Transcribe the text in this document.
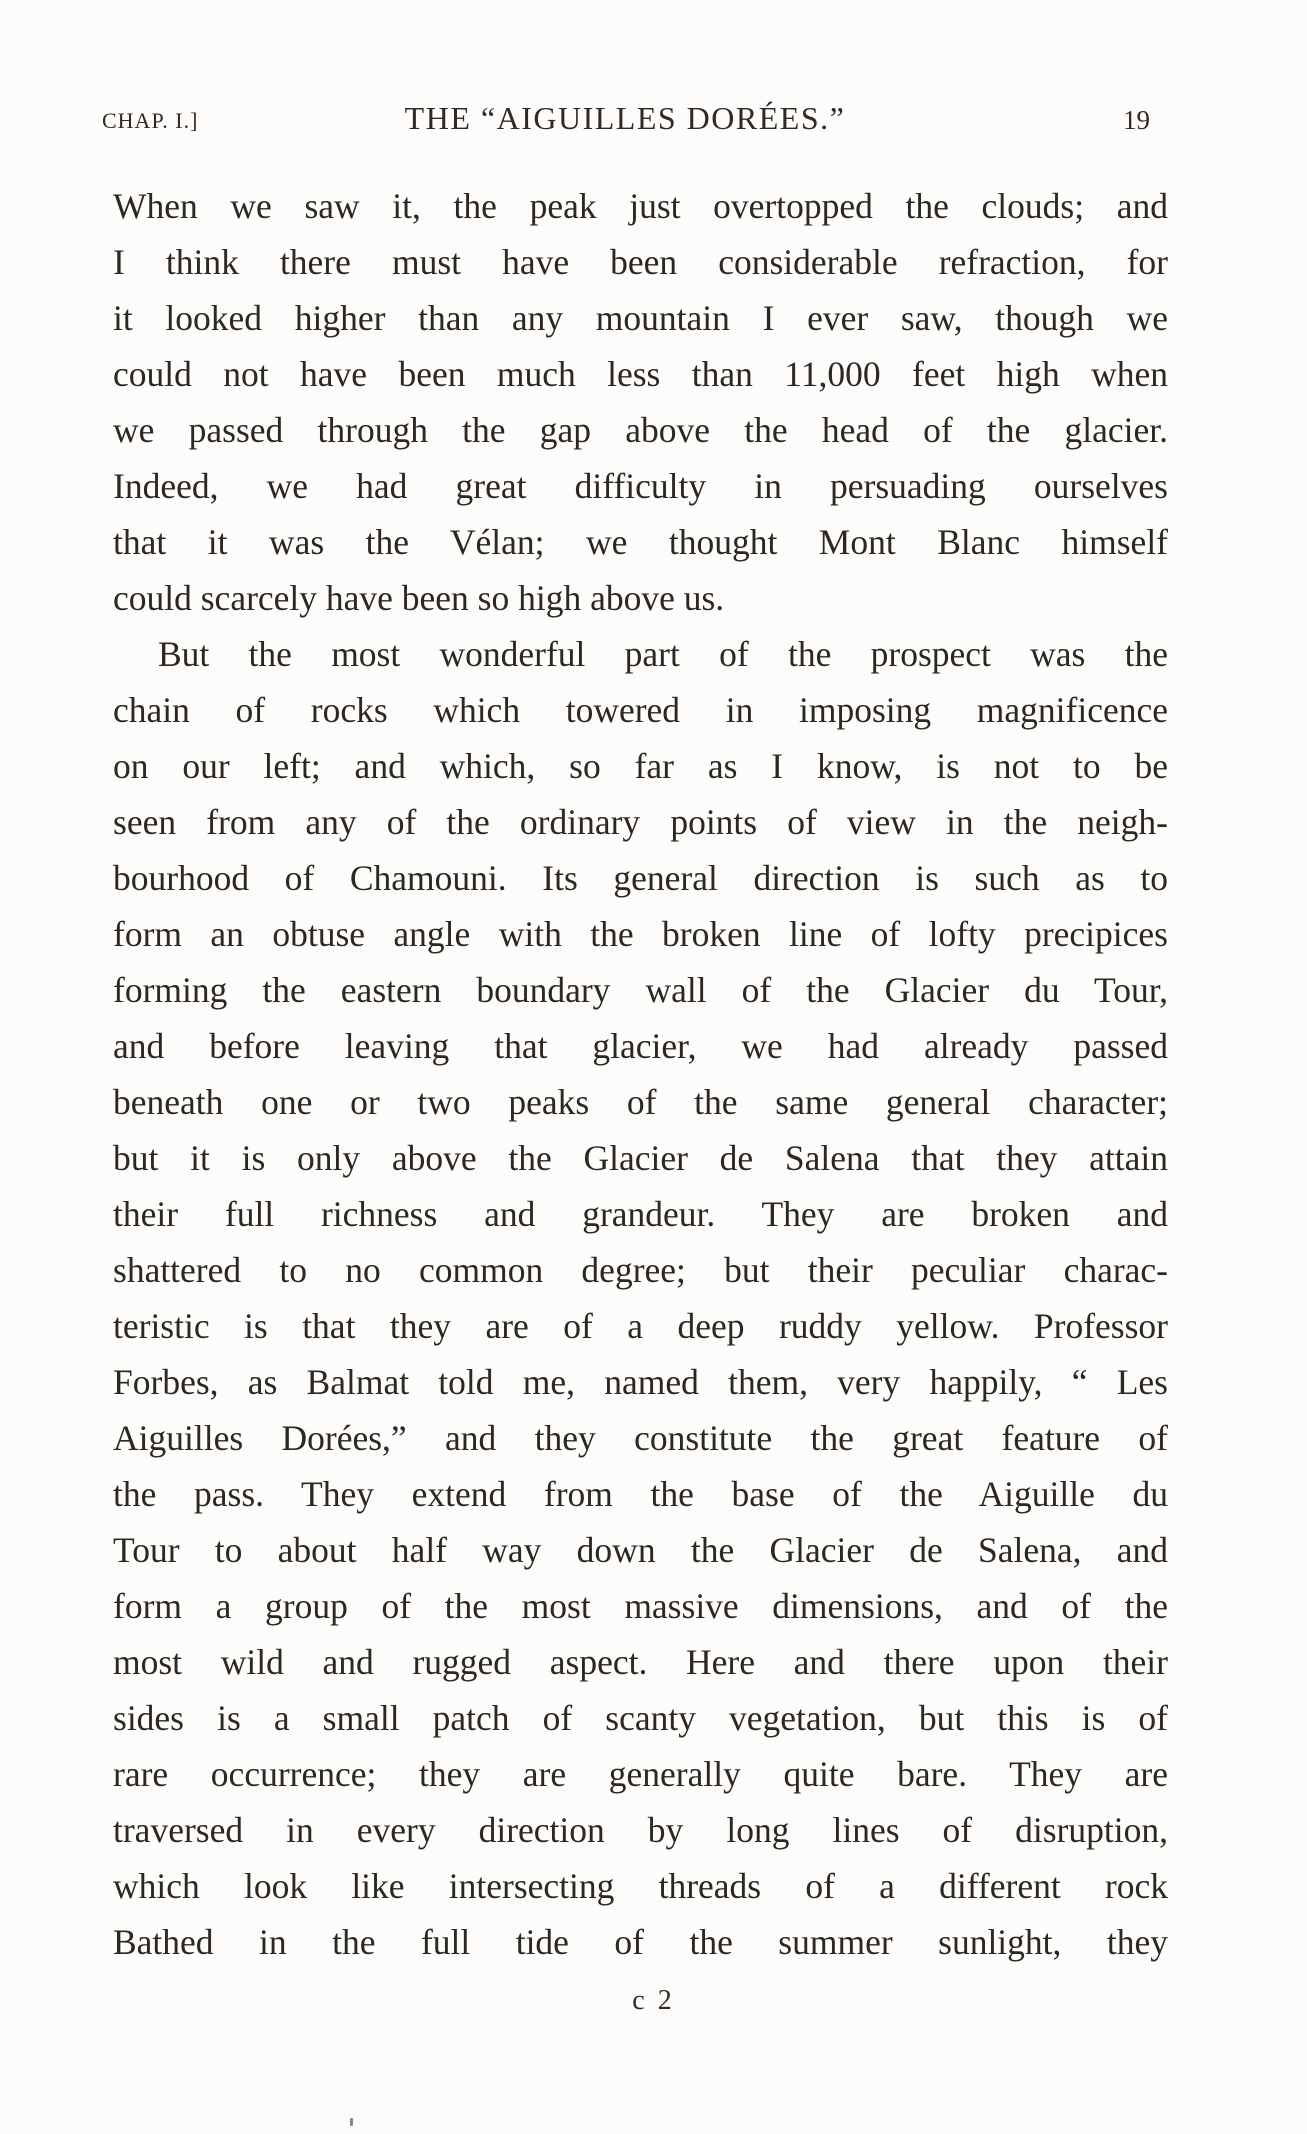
CHAP. I.]	THE “AIGUILLES DORÉES.”	19
When we saw it, the peak just overtopped the clouds; and
I think there must have been considerable refraction, for
it looked higher than any mountain I ever saw, though we
could not have been much less than 11,000 feet high when
we passed through the gap above the head of the glacier.
Indeed, we had great difficulty in persuading ourselves
that it was the Vélan; we thought Mont Blanc himself
could scarcely have been so high above us.
But the most wonderful part of the prospect was the
chain of rocks which towered in imposing magnificence
on our left; and which, so far as I know, is not to be
seen from any of the ordinary points of view in the neigh-
bourhood of Chamouni. Its general direction is such as to
form an obtuse angle with the broken line of lofty precipices
forming the eastern boundary wall of the Glacier du Tour,
and before leaving that glacier, we had already passed
beneath one or two peaks of the same general character;
but it is only above the Glacier de Salena that they attain
their full richness and grandeur. They are broken and
shattered to no common degree; but their peculiar charac-
teristic is that they are of a deep ruddy yellow. Professor
Forbes, as Balmat told me, named them, very happily, “ Les
Aiguilles Dorées,” and they constitute the great feature of
the pass. They extend from the base of the Aiguille du
Tour to about half way down the Glacier de Salena, and
form a group of the most massive dimensions, and of the
most wild and rugged aspect. Here and there upon their
sides is a small patch of scanty vegetation, but this is of
rare occurrence; they are generally quite bare. They are
traversed in every direction by long lines of disruption,
which look like intersecting threads of a different rock
Bathed in the full tide of the summer sunlight, they
c 2
